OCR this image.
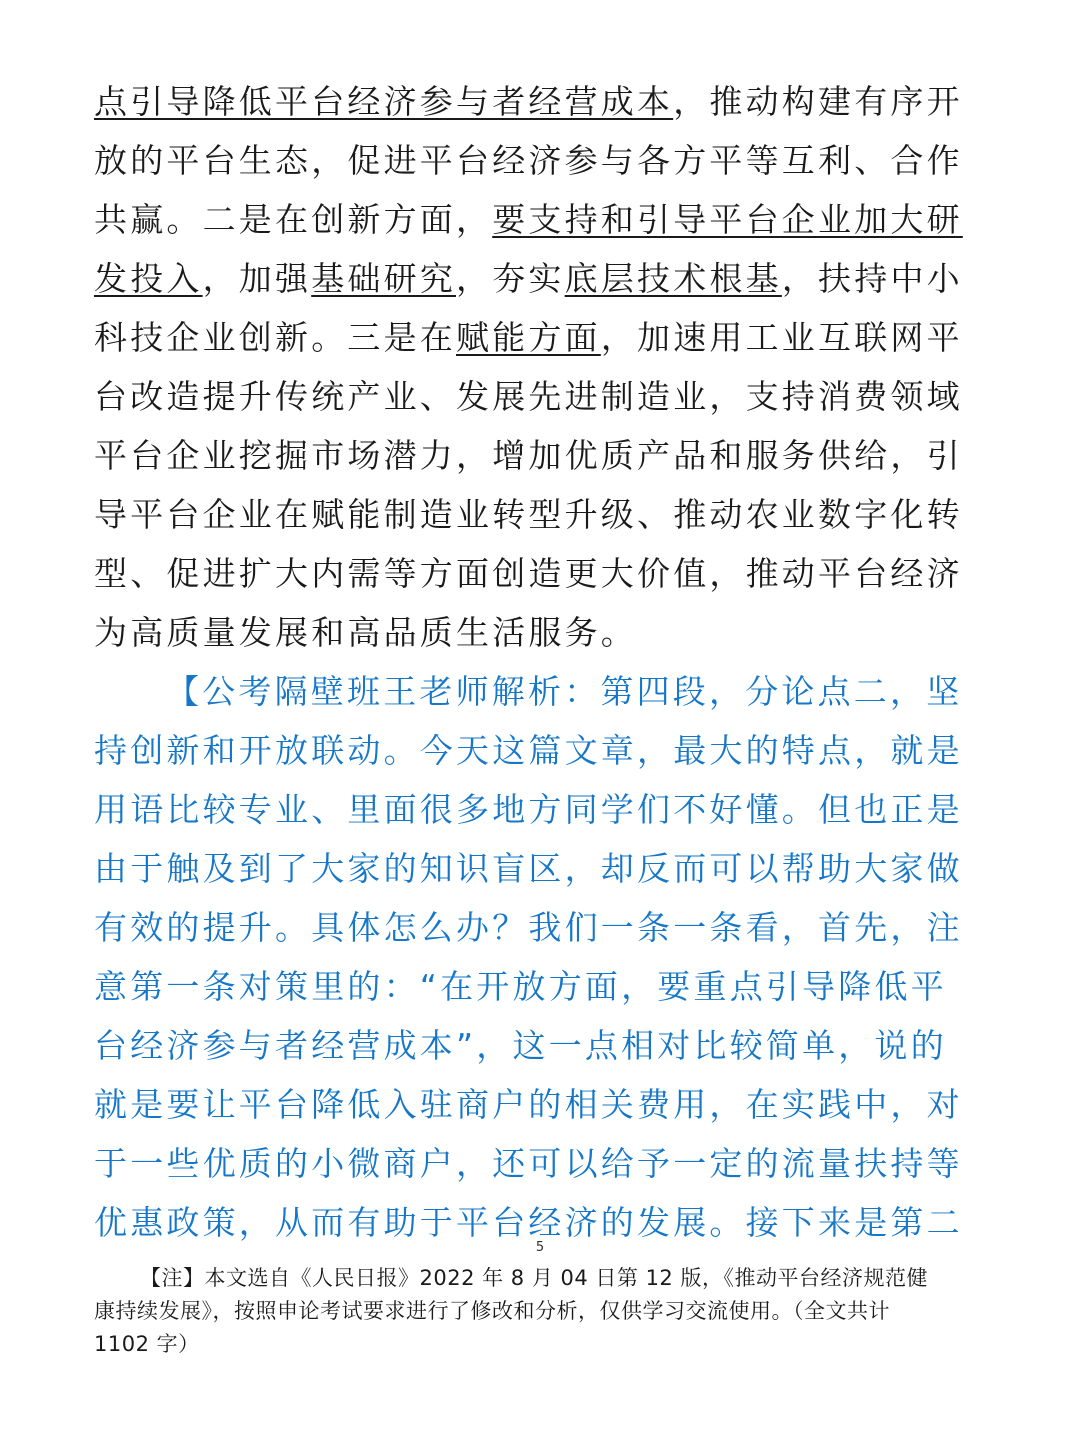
点引导降低平台经济参与者经营成本，推动构建有序开
放的平台生态，促进平台经济参与各方平等互利、合作
共赢。二是在创新方面，要支持和引导平台企业加大研
发投入，加强基础研究，夯实底层技术根基，扶持中小
科技企业创新。三是在赋能方面，加速用工业互联网平
台改造提升传统产业、发展先进制造业，支持消费领域
平台企业挖掘市场潜力，增加优质产品和服务供给，引
导平台企业在赋能制造业转型升级、推动农业数字化转
型、促进扩大内需等方面创造更大价值，推动平台经济
为高质量发展和高品质生活服务。
【公考隔壁班王老师解析：第四段，分论点二，坚
持创新和开放联动。今天这篇文章，最大的特点，就是
用语比较专业、里面很多地方同学们不好懂。但也正是
由于触及到了大家的知识盲区，却反而可以帮助大家做
有效的提升。具体怎么办？我们一条一条看，首先，注
意第一条对策里的：“在开放方面，要重点引导降低平
台经济参与者经营成本”，这一点相对比较简单，说的
就是要让平台降低入驻商户的相关费用，在实践中，对
于一些优质的小微商户，还可以给予一定的流量扶持等
优惠政策，从而有助于平台经济的发展。接下来是第二
5
【注】本文选自《人民日报》2022 年 8 月 04 日第 12 版，《推动平台经济规范健
康持续发展》，按照申论考试要求进行了修改和分析，仅供学习交流使用。（全文共计
1102 字）
